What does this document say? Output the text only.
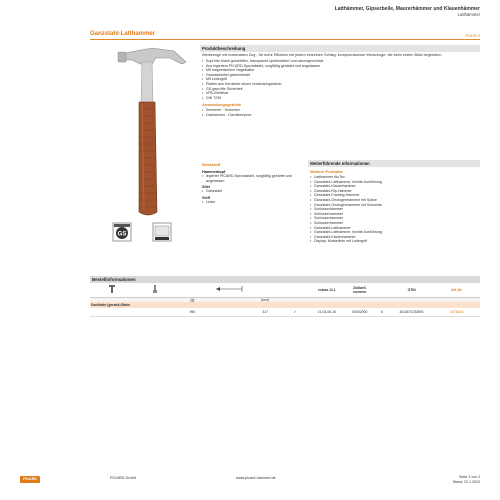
Latthämmer, Gipserbeile, Maurerhämmer und Klauenhämmer
Latthämmer
Ganzstahl-Latthammer	PGHS 2
GS
Produktbeschreibung
Werkzeuge mit maximalem Zug - für mehr Effizienz bei jedem einzelnen Schlag: kompromisslose Werkzeuge, die beim ersten Blick begeistern.
• Kopf fein blank geschliffen, transparent sprühlackiert, korrosionsgeschützt
• Aus legiertem PICARD-Spezialstahl, sorgfältig gehärtet und angelassen
• Mit magnetischem Nagelhalter
• Ganzstahlstiel geschmiedet
• Mit Ledergriff
• Platten aus Kernleder sitzen verwindungssicher
• GS-geprüfte Sicherheit
• VPA-Zertifikat
• DIN 7239
Anwendungsgebiete
• Zimmerer - Schreiner
• Dachdecker - Dachklempner
Werkstoff
Hammerkopf
• legierter PICARD-Spezialstahl, sorgfältig gehärtet und angelassen
Stiel
• Ganzstahl
Griff
• Leder
Weiterführende Informationen
Weitere Produkte
• Latthammer AluTec
• Ganzstahl-Latthammer, leichte Ausführung
• Ganzstahl-Klauenhammer
• Ganzstahl-Rip-Hammer
• Ganzstahl-Framing-Hammer
• Ganzstahl-Geologenhammer mit Spitze
• Ganzstahl-Geologenhammer mit Schneide
• Schlosserhammer
• Schlosserhammer
• Schlosserhammer
• Schlosserhammer
• Ganzstahl-Latthammer
• Ganzstahl-Latthammer, leichte Ausführung
• Ganzstahl-Klauenhammer
• Display: Musterlinie mit Ledergriff
Bestellinformationen
						eclass 11.1	Zolltarif-nummer		GTIN	Art.-Nr.
		[g]		[mm]						
Dachlatte (gerade) Bahn										
		950		317	✓	21-04-06-16	82052000	6	4016671033691	0078016
PICARD	PICARD GmbH	www.picard-hammer.de	Seite 1 von 2
Stand: 22.1.2024
